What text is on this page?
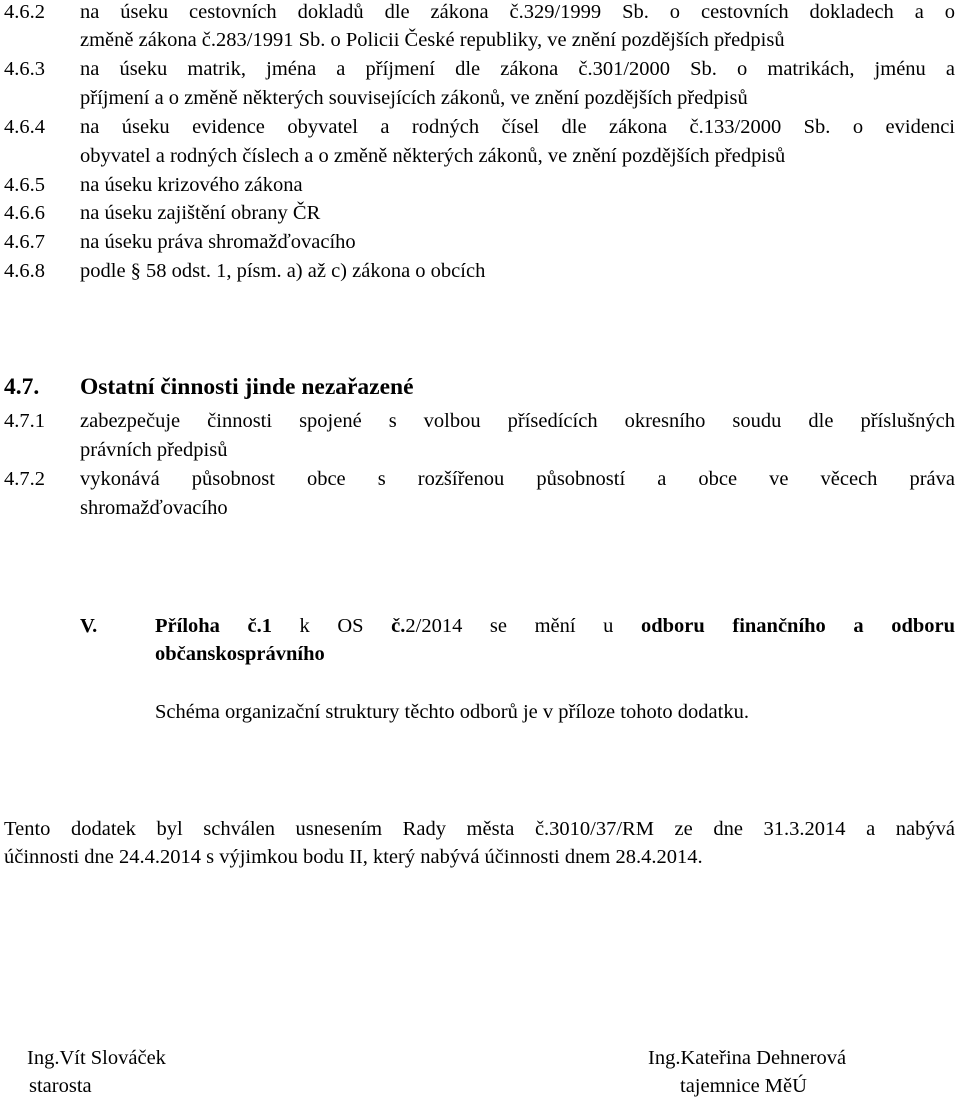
4.6.2 na úseku cestovních dokladů dle zákona č.329/1999 Sb. o cestovních dokladech a o
změně zákona č.283/1991 Sb. o Policii České republiky, ve znění pozdějších předpisů
4.6.3 na úseku matrik, jména a příjmení dle zákona č.301/2000 Sb. o matrikách, jménu a
příjmení a o změně některých souvisejících zákonů, ve znění pozdějších předpisů
4.6.4 na úseku evidence obyvatel a rodných čísel dle zákona č.133/2000 Sb. o evidenci
obyvatel a rodných číslech a o změně některých zákonů, ve znění pozdějších předpisů
4.6.5 na úseku krizového zákona
4.6.6 na úseku zajištění obrany ČR
4.6.7 na úseku práva shromažďovacího
4.6.8 podle § 58 odst. 1, písm. a) až c) zákona o obcích
4.7. Ostatní činnosti jinde nezařazené
4.7.1 zabezpečuje činnosti spojené s volbou přísedících okresního soudu dle příslušných
právních předpisů
4.7.2 vykonává působnost obce s rozšířenou působností a obce ve věcech práva
shromažďovacího
V.	Příloha č.1 k OS č.2/2014 se mění u odboru finančního a odboru
občanskosprávního
Schéma organizační struktury těchto odborů je v příloze tohoto dodatku.
Tento dodatek byl schválen usnesením Rady města č.3010/37/RM ze dne 31.3.2014 a nabývá
účinnosti dne 24.4.2014 s výjimkou bodu II, který nabývá účinnosti dnem 28.4.2014.
Ing.Vít Slováček	Ing.Kateřina Dehnerová
starosta	tajemnice MěÚ
